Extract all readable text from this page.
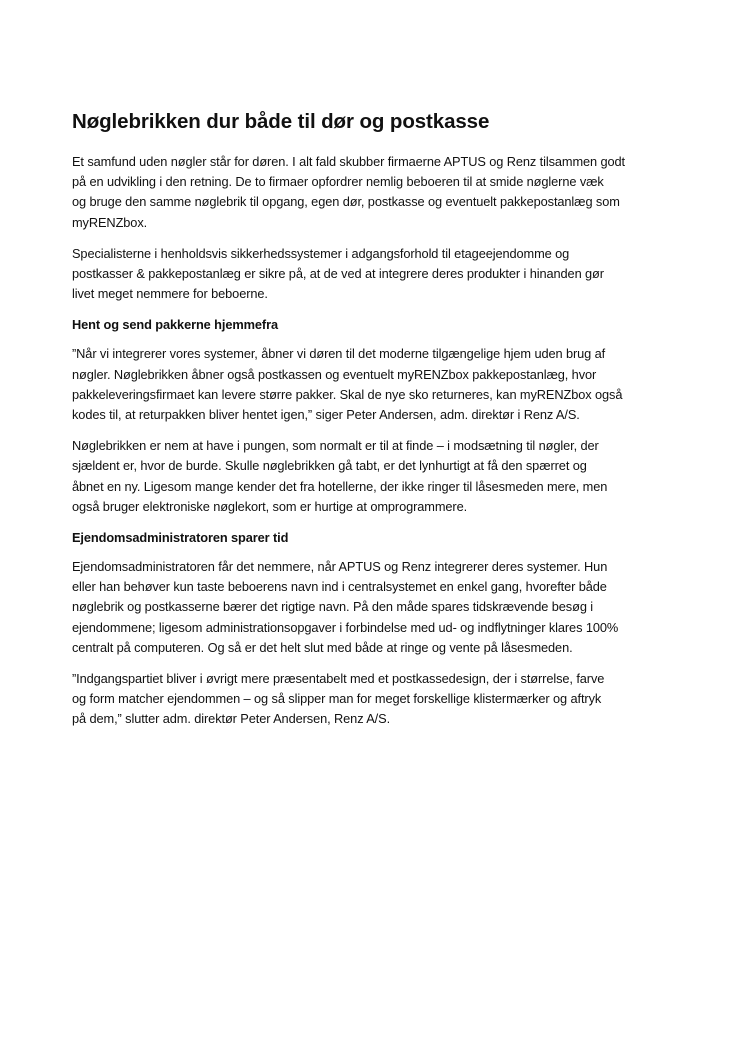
Nøglebrikken dur både til dør og postkasse

Et samfund uden nøgler står for døren. I alt fald skubber firmaerne APTUS og Renz tilsammen godt
på en udvikling i den retning. De to firmaer opfordrer nemlig beboeren til at smide nøglerne væk
og bruge den samme nøglebrik til opgang, egen dør, postkasse og eventuelt pakkepostanlæg som
myRENZbox.

Specialisterne i henholdsvis sikkerhedssystemer i adgangsforhold til etageejendomme og
postkasser & pakkepostanlæg er sikre på, at de ved at integrere deres produkter i hinanden gør
livet meget nemmere for beboerne.

Hent og send pakkerne hjemmefra

”Når vi integrerer vores systemer, åbner vi døren til det moderne tilgængelige hjem uden brug af
nøgler. Nøglebrikken åbner også postkassen og eventuelt myRENZbox pakkepostanlæg, hvor
pakkeleveringsfirmaet kan levere større pakker. Skal de nye sko returneres, kan myRENZbox også
kodes til, at returpakken bliver hentet igen,” siger Peter Andersen, adm. direktør i Renz A/S.

Nøglebrikken er nem at have i pungen, som normalt er til at finde – i modsætning til nøgler, der
sjældent er, hvor de burde. Skulle nøglebrikken gå tabt, er det lynhurtigt at få den spærret og
åbnet en ny. Ligesom mange kender det fra hotellerne, der ikke ringer til låsesmeden mere, men
også bruger elektroniske nøglekort, som er hurtige at omprogrammere.

Ejendomsadministratoren sparer tid

Ejendomsadministratoren får det nemmere, når APTUS og Renz integrerer deres systemer. Hun
eller han behøver kun taste beboerens navn ind i centralsystemet en enkel gang, hvorefter både
nøglebrik og postkasserne bærer det rigtige navn. På den måde spares tidskrævende besøg i
ejendommene; ligesom administrationsopgaver i forbindelse med ud- og indflytninger klares 100%
centralt på computeren. Og så er det helt slut med både at ringe og vente på låsesmeden.

”Indgangspartiet bliver i øvrigt mere præsentabelt med et postkassedesign, der i størrelse, farve
og form matcher ejendommen – og så slipper man for meget forskellige klistermærker og aftryk
på dem,” slutter adm. direktør Peter Andersen, Renz A/S.
